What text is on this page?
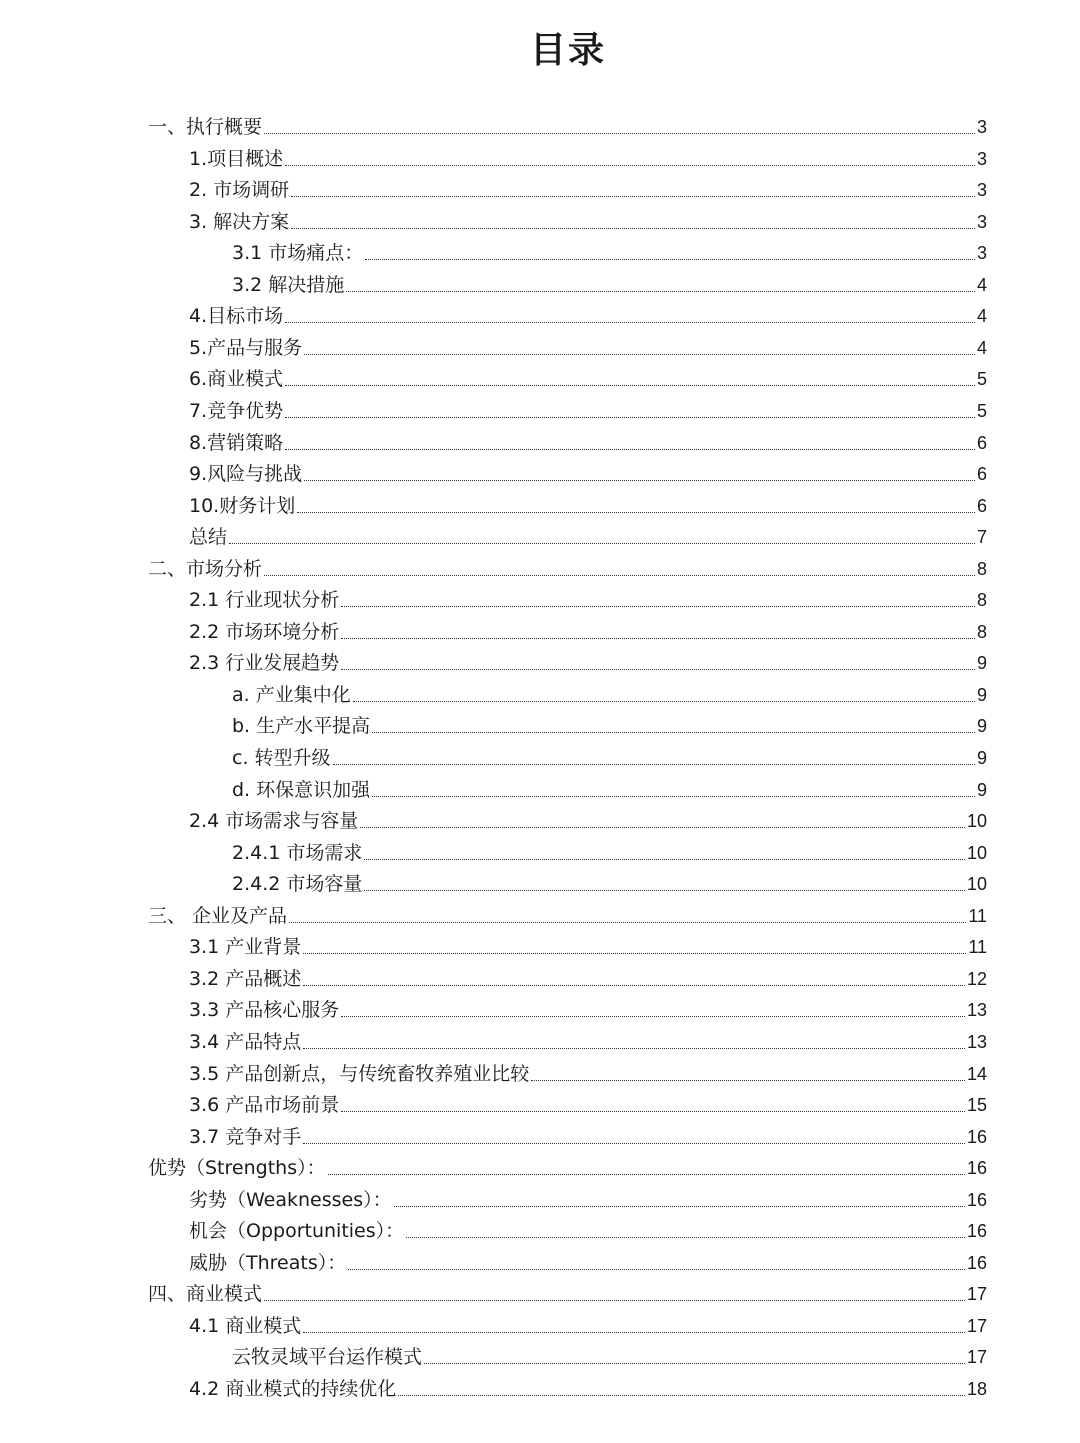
目录
一、执行概要	3
1.项目概述	3
2. 市场调研	3
3. 解决方案	3
3.1 市场痛点：	3
3.2 解决措施	4
4.目标市场	4
5.产品与服务	4
6.商业模式	5
7.竞争优势	5
8.营销策略	6
9.风险与挑战	6
10.财务计划	6
总结	7
二、市场分析	8
2.1 行业现状分析	8
2.2 市场环境分析	8
2.3 行业发展趋势	9
a. 产业集中化	9
b. 生产水平提高	9
c. 转型升级	9
d. 环保意识加强	9
2.4 市场需求与容量	10
2.4.1 市场需求	10
2.4.2 市场容量	10
三、 企业及产品	11
3.1 产业背景	11
3.2 产品概述	12
3.3 产品核心服务	13
3.4 产品特点	13
3.5 产品创新点，与传统畜牧养殖业比较	14
3.6 产品市场前景	15
3.7 竞争对手	16
优势（Strengths）：	16
劣势（Weaknesses）：	16
机会（Opportunities）：	16
威胁（Threats）：	16
四、商业模式	17
4.1 商业模式	17
云牧灵域平台运作模式	17
4.2 商业模式的持续优化	18
